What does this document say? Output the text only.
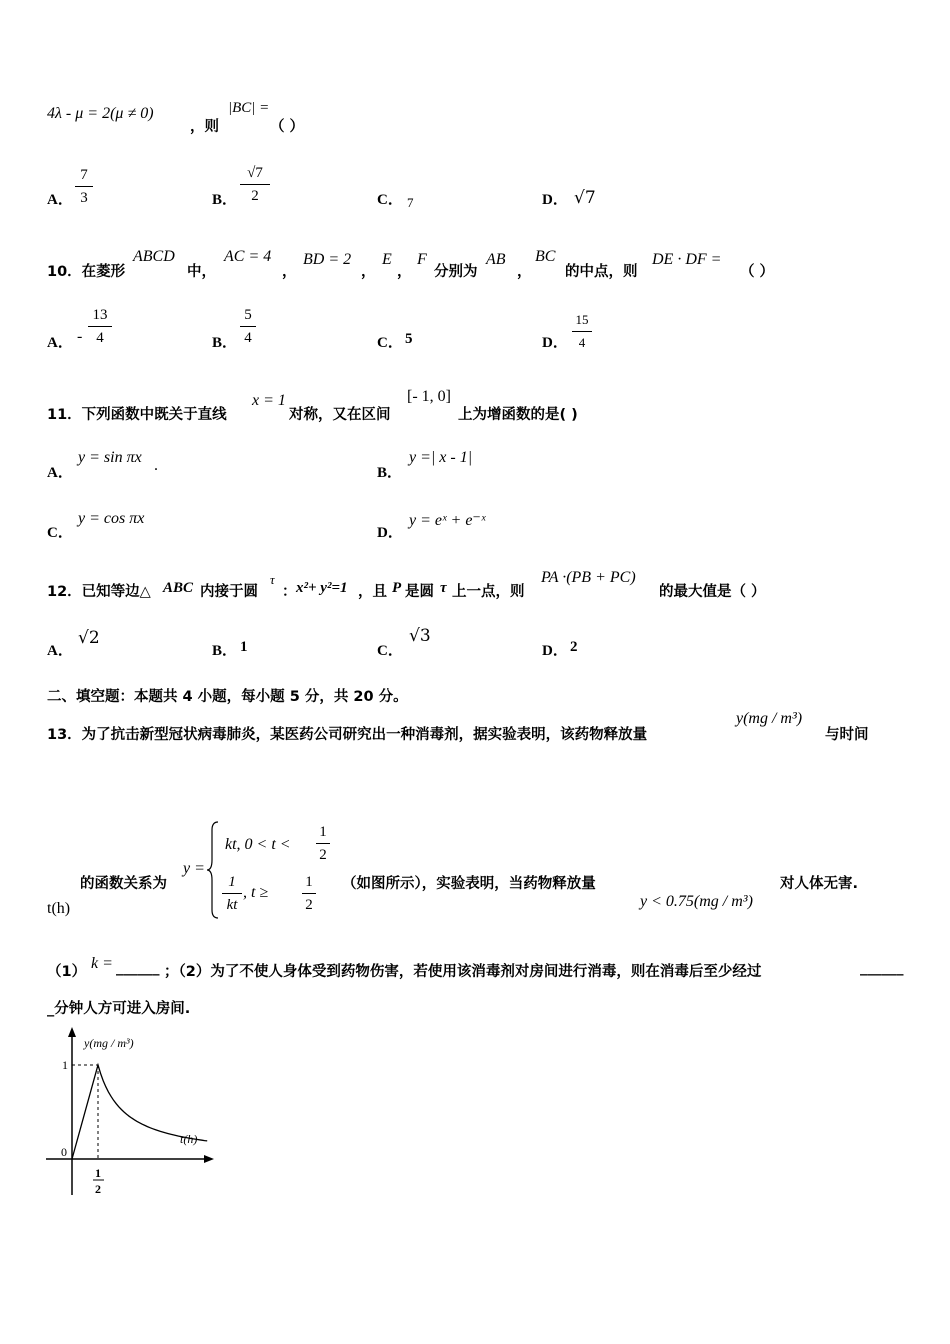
4λ - μ = 2(μ ≠ 0)
，则
|BC| =
（ ）
A．
7
3	B．
√7
2	C． 7	D． √7
10．在菱形
ABCD
中，
AC = 4
，
BD = 2
，
E
，
F
分别为
AB
，
BC
的中点，则
DE · DF =
（ ）
A． -
13
4	B．
5
4	C． 5	D．
15
4
11．下列函数中既关于直线
x = 1
对称，又在区间
[- 1, 0]
上为增函数的是( )
A．
y = sin πx .	B．
y =| x - 1|
C．
y = cos πx
D．
y = eˣ + e⁻ˣ
12．已知等边△ ABC 内接于圆
τ
： x²+ y²=1 ，且 P 是圆 τ 上一点，则
PA ·(PB + PC)
的最大值是（ ）
A．
√2
B． 1	C．
√3
D． 2
二、填空题：本题共 4 小题，每小题 5 分，共 20 分。
13．为了抗击新型冠状病毒肺炎，某医药公司研究出一种消毒剂，据实验表明，该药物释放量
y(mg / m³)
与时间
t(h)
的函数关系为
y =
kt, 0 < t <
1
2
1
kt
, t ≥
1
2
（如图所示），实验表明，当药物释放量
y < 0.75(mg / m³)
对人体无害.
（1） k = ______ ；（2）为了不使人身体受到药物伤害，若使用该消毒剂对房间进行消毒，则在消毒后至少经过	______
_分钟人方可进入房间.
y(mg / m³)
t(h)
1
0
1
2
